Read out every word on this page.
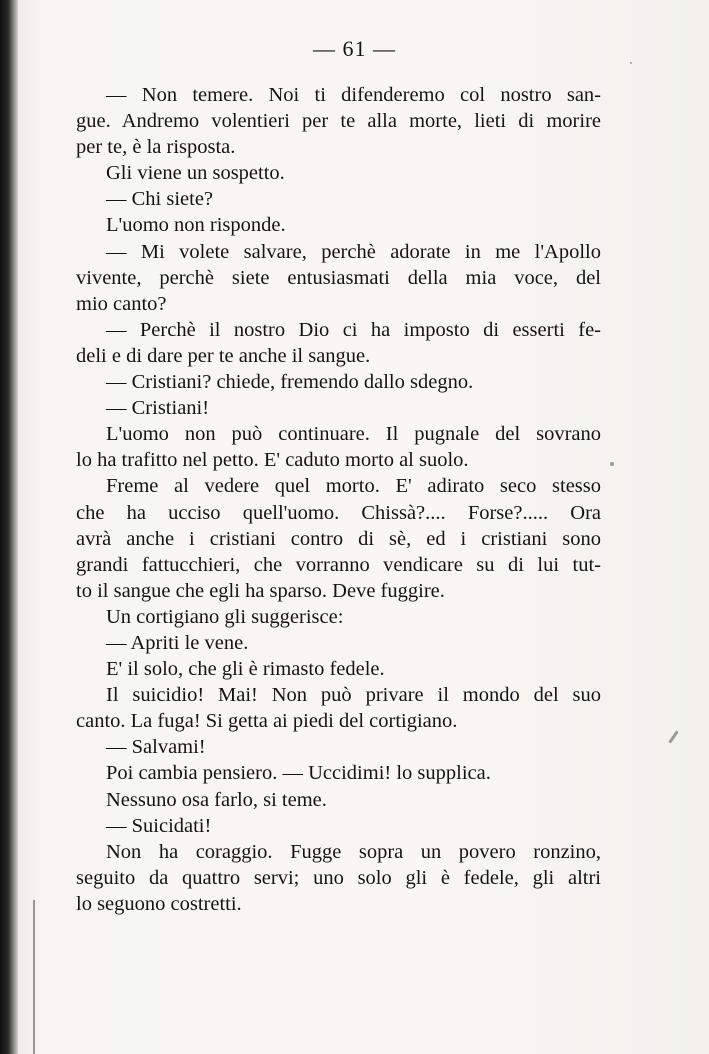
— 61 —

— Non temere. Noi ti difenderemo col nostro san-

gue. Andremo volentieri per te alla morte, lieti di morire
per te, è la risposta.

Gli viene un sospetto.

— Chi siete?

L'uomo non risponde.

— Mi volete salvare, perchè adorate in me l'Apollo

vivente, perchè siete entusiasmati della mia voce, del
mio canto?

— Perchè il nostro Dio ci ha imposto di esserti fe-

deli e di dare per te anche il sangue.

— Cristiani? chiede, fremendo dallo sdegno.

— Cristiani!

L'uomo non può continuare. Il pugnale del sovrano

lo ha trafitto nel petto. E' caduto morto al suolo.

Freme al vedere quel morto. E' adirato seco stesso

che ha ucciso quell'uomo. Chissà?.... Forse?..... Ora
avrà anche i cristiani contro di sè, ed i cristiani sono
grandi fattucchieri, che vorranno vendicare su di lui tut-
to il sangue che egli ha sparso. Deve fuggire.

Un cortigiano gli suggerisce:

— Apriti le vene.

E' il solo, che gli è rimasto fedele.

Il suicidio! Mai! Non può privare il mondo del suo

canto. La fuga! Si getta ai piedi del cortigiano.

— Salvami!

Poi cambia pensiero. — Uccidimi! lo supplica.

Nessuno osa farlo, si teme.

— Suicidati!

Non ha coraggio. Fugge sopra un povero ronzino,

seguito da quattro servi; uno solo gli è fedele, gli altri
lo seguono costretti.
